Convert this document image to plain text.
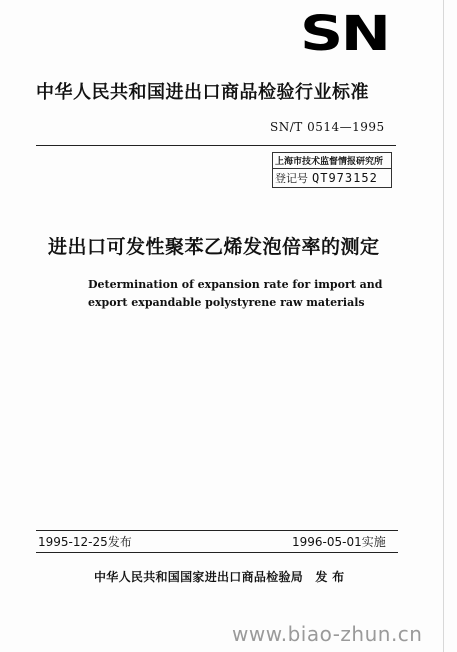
SN
中华人民共和国进出口商品检验行业标准
SN/T 0514—1995
上海市技术监督情报研究所
登记号 QT973152
进出口可发性聚苯乙烯发泡倍率的测定
Determination of expansion rate for import and
export expandable polystyrene raw materials
1995-12-25发布	1996-05-01实施
中华人民共和国国家进出口商品检验局　发 布
www.biao-zhun.cn
